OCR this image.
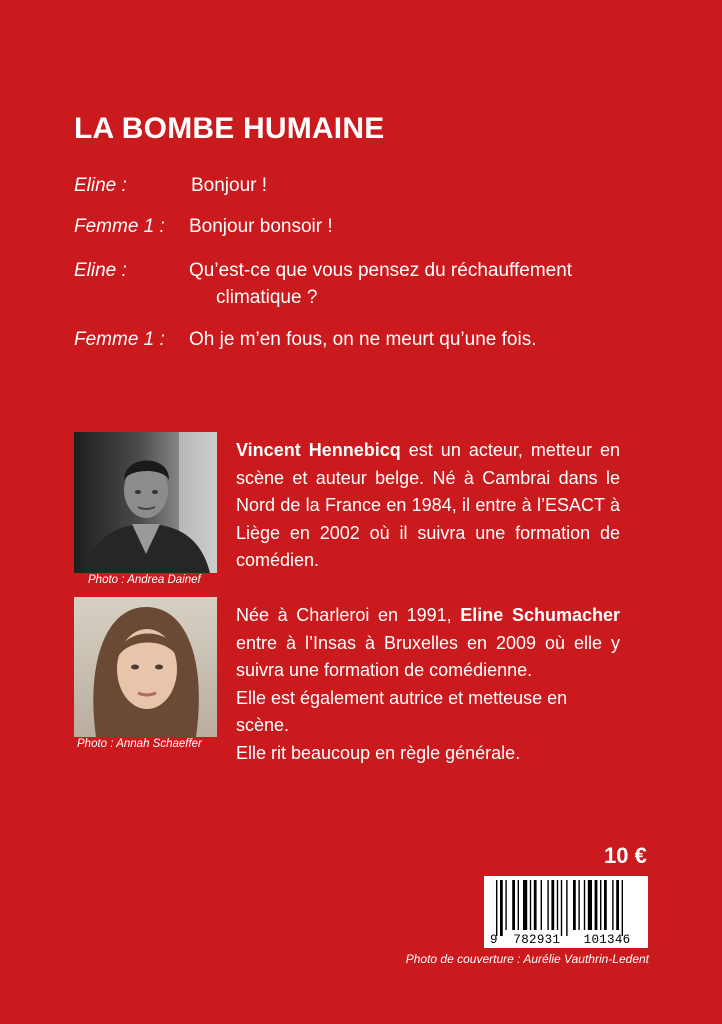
LA BOMBE HUMAINE
Eline :	Bonjour !
Femme 1 : Bonjour bonsoir !
Eline :	Qu’est-ce que vous pensez du réchauffement
climatique ?
Femme 1 : Oh je m’en fous, on ne meurt qu’une fois.
Photo : Andrea Dainef
Vincent Hennebicq est un acteur, metteur en scène et auteur belge. Né à Cambrai dans le Nord de la France en 1984, il entre à l’ESACT à Liège en 2002 où il suivra une formation de comédien.
Photo : Annah Schaeffer
Née à Charleroi en 1991, Eline Schumacher entre à l’Insas à Bruxelles en 2009 où elle y suivra une formation de comédienne.
Elle est également autrice et metteuse en scène.
Elle rit beaucoup en règle générale.
10 €
9 782931 101346
Photo de couverture : Aurélie Vauthrin-Ledent
